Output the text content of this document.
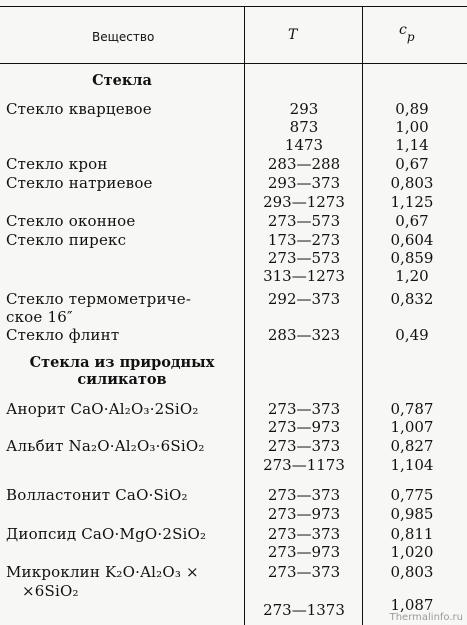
Вещество	T	cp
Стекла
Стекло кварцевое	293	0,89
873	1,00
1473	1,14
Стекло крон	283—288	0,67
Стекло натриевое	293—373	0,803
293—1273	1,125
Стекло оконное	273—573	0,67
Стекло пирекс	173—273	0,604
273—573	0,859
313—1273	1,20
Стекло термометриче-	292—373	0,832
ское 16″
Стекло флинт	283—323	0,49
Стекла из природных
силикатов
Анорит CaO·Al₂O₃·2SiO₂	273—373	0,787
273—973	1,007
Альбит Na₂O·Al₂O₃·6SiO₂	273—373	0,827
273—1173	1,104
Волластонит CaO·SiO₂	273—373	0,775
273—973	0,985
Диопсид CaO·MgO·2SiO₂	273—373	0,811
273—973	1,020
Микроклин K₂O·Al₂O₃ ×	273—373	0,803
×6SiO₂
273—1373	1,087
Thermalinfo.ru
